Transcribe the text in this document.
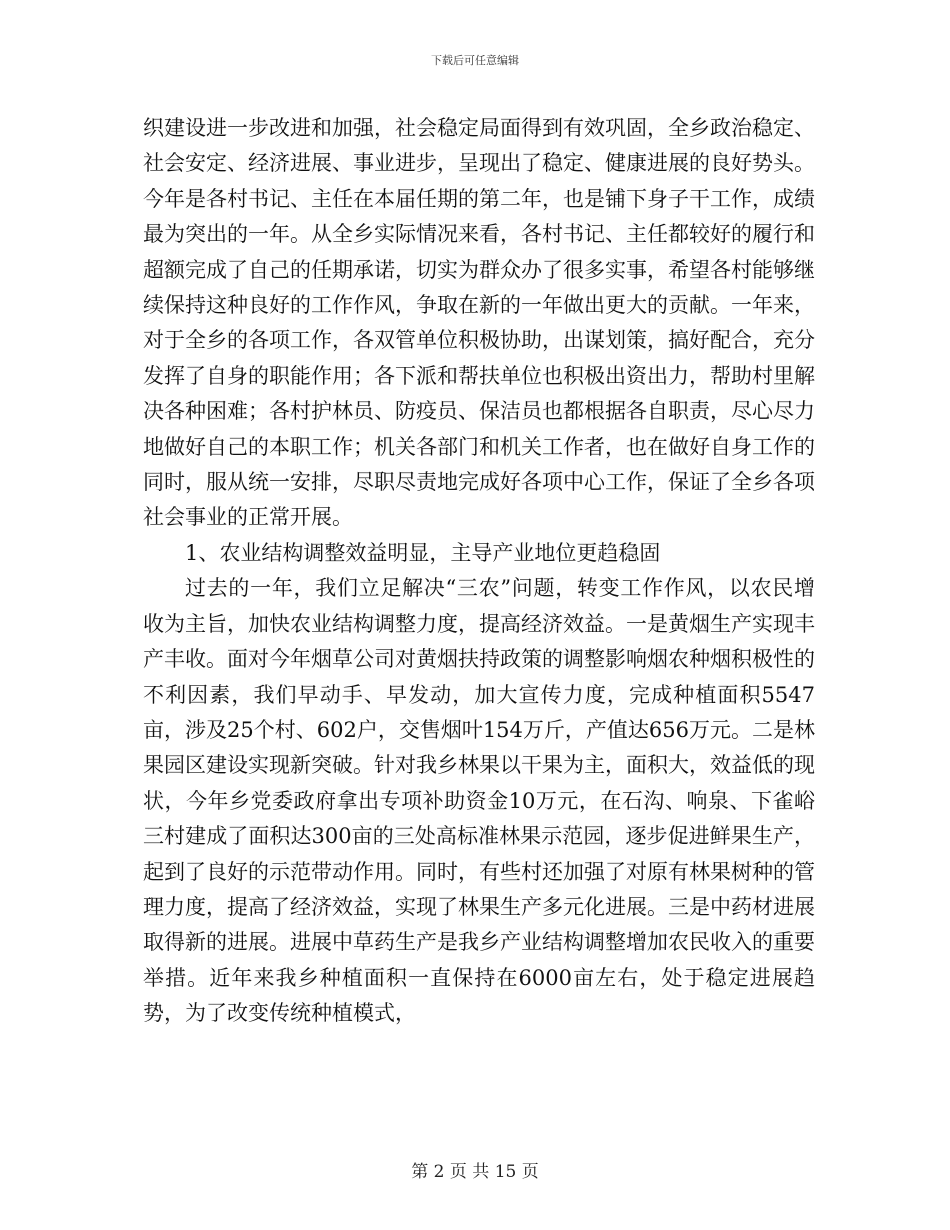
下载后可任意编辑

织建设进一步改进和加强，社会稳定局面得到有效巩固，全乡政治稳定、社会安定、经济进展、事业进步，呈现出了稳定、健康进展的良好势头。今年是各村书记、主任在本届任期的第二年，也是铺下身子干工作，成绩最为突出的一年。从全乡实际情况来看，各村书记、主任都较好的履行和超额完成了自己的任期承诺，切实为群众办了很多实事，希望各村能够继续保持这种良好的工作作风，争取在新的一年做出更大的贡献。一年来，对于全乡的各项工作，各双管单位积极协助，出谋划策，搞好配合，充分发挥了自身的职能作用；各下派和帮扶单位也积极出资出力，帮助村里解决各种困难；各村护林员、防疫员、保洁员也都根据各自职责，尽心尽力地做好自己的本职工作；机关各部门和机关工作者，也在做好自身工作的同时，服从统一安排，尽职尽责地完成好各项中心工作，保证了全乡各项社会事业的正常开展。

1、农业结构调整效益明显，主导产业地位更趋稳固

过去的一年，我们立足解决“三农”问题，转变工作作风，以农民增收为主旨，加快农业结构调整力度，提高经济效益。一是黄烟生产实现丰产丰收。面对今年烟草公司对黄烟扶持政策的调整影响烟农种烟积极性的不利因素，我们早动手、早发动，加大宣传力度，完成种植面积5547亩，涉及25个村、602户，交售烟叶154万斤，产值达656万元。二是林果园区建设实现新突破。针对我乡林果以干果为主，面积大，效益低的现状，今年乡党委政府拿出专项补助资金10万元，在石沟、响泉、下雀峪三村建成了面积达300亩的三处高标准林果示范园，逐步促进鲜果生产，起到了良好的示范带动作用。同时，有些村还加强了对原有林果树种的管理力度，提高了经济效益，实现了林果生产多元化进展。三是中药材进展取得新的进展。进展中草药生产是我乡产业结构调整增加农民收入的重要举措。近年来我乡种植面积一直保持在6000亩左右，处于稳定进展趋势，为了改变传统种植模式，

第 2 页 共 15 页
